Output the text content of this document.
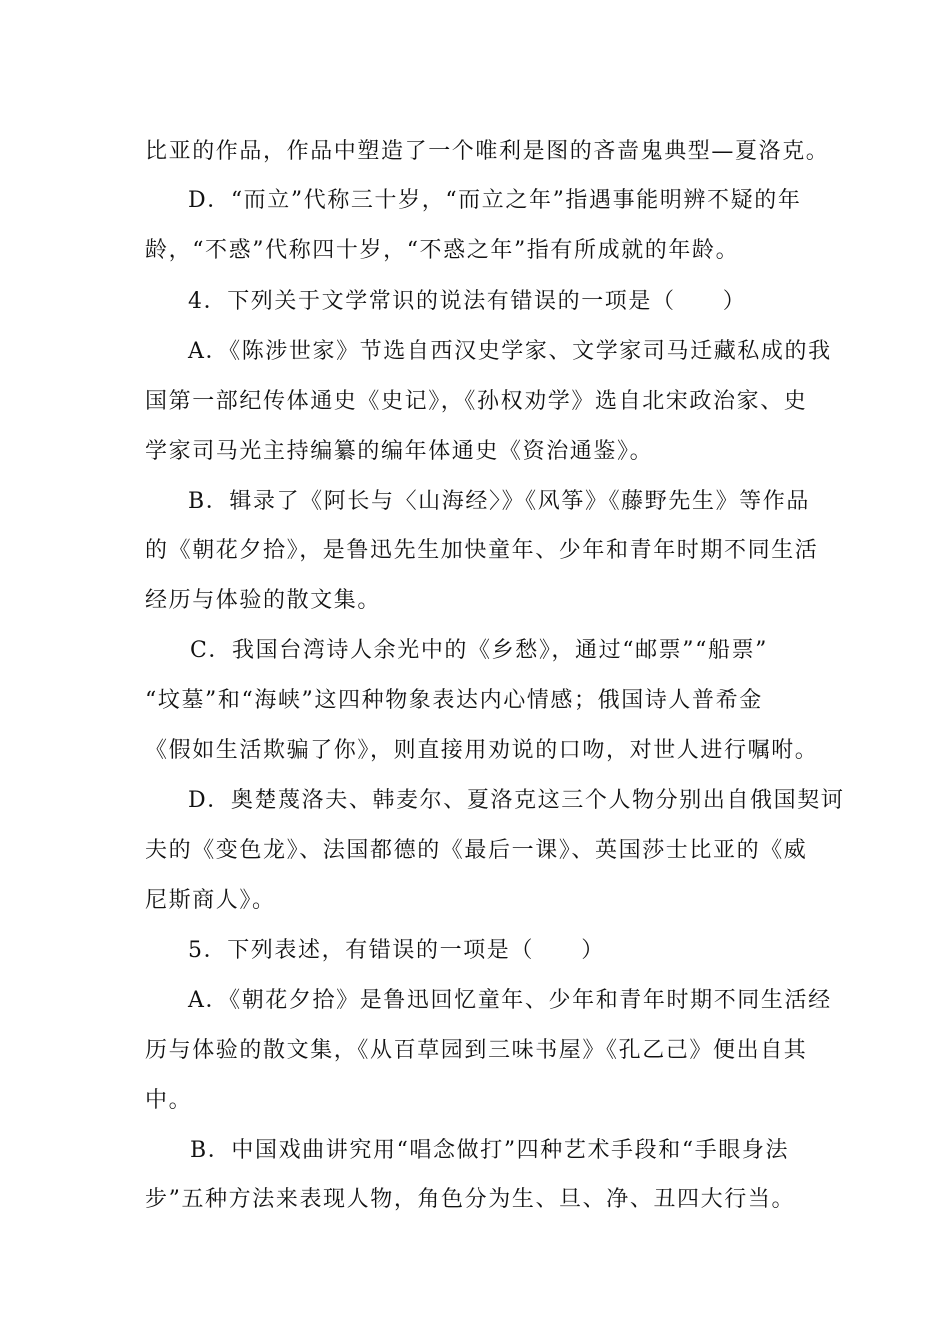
比亚的作品，作品中塑造了一个唯利是图的吝啬鬼典型—夏洛克。
D．“而立”代称三十岁，“而立之年”指遇事能明辨不疑的年
龄，“不惑”代称四十岁，“不惑之年”指有所成就的年龄。
4．下列关于文学常识的说法有错误的一项是（　　）
A．《陈涉世家》节选自西汉史学家、文学家司马迁藏私成的我
国第一部纪传体通史《史记》，《孙权劝学》选自北宋政治家、史
学家司马光主持编纂的编年体通史《资治通鉴》。
B．辑录了《阿长与〈山海经〉》《风筝》《藤野先生》等作品
的《朝花夕拾》，是鲁迅先生加快童年、少年和青年时期不同生活
经历与体验的散文集。
C．我国台湾诗人余光中的《乡愁》，通过“邮票”“船票”
“坟墓”和“海峡”这四种物象表达内心情感；俄国诗人普希金
《假如生活欺骗了你》，则直接用劝说的口吻，对世人进行嘱咐。
D．奥楚蔑洛夫、韩麦尔、夏洛克这三个人物分别出自俄国契诃
夫的《变色龙》、法国都德的《最后一课》、英国莎士比亚的《威
尼斯商人》。
5．下列表述，有错误的一项是（　　）
A．《朝花夕拾》是鲁迅回忆童年、少年和青年时期不同生活经
历与体验的散文集，《从百草园到三味书屋》《孔乙己》便出自其
中。
B．中国戏曲讲究用“唱念做打”四种艺术手段和“手眼身法
步”五种方法来表现人物，角色分为生、旦、净、丑四大行当。
